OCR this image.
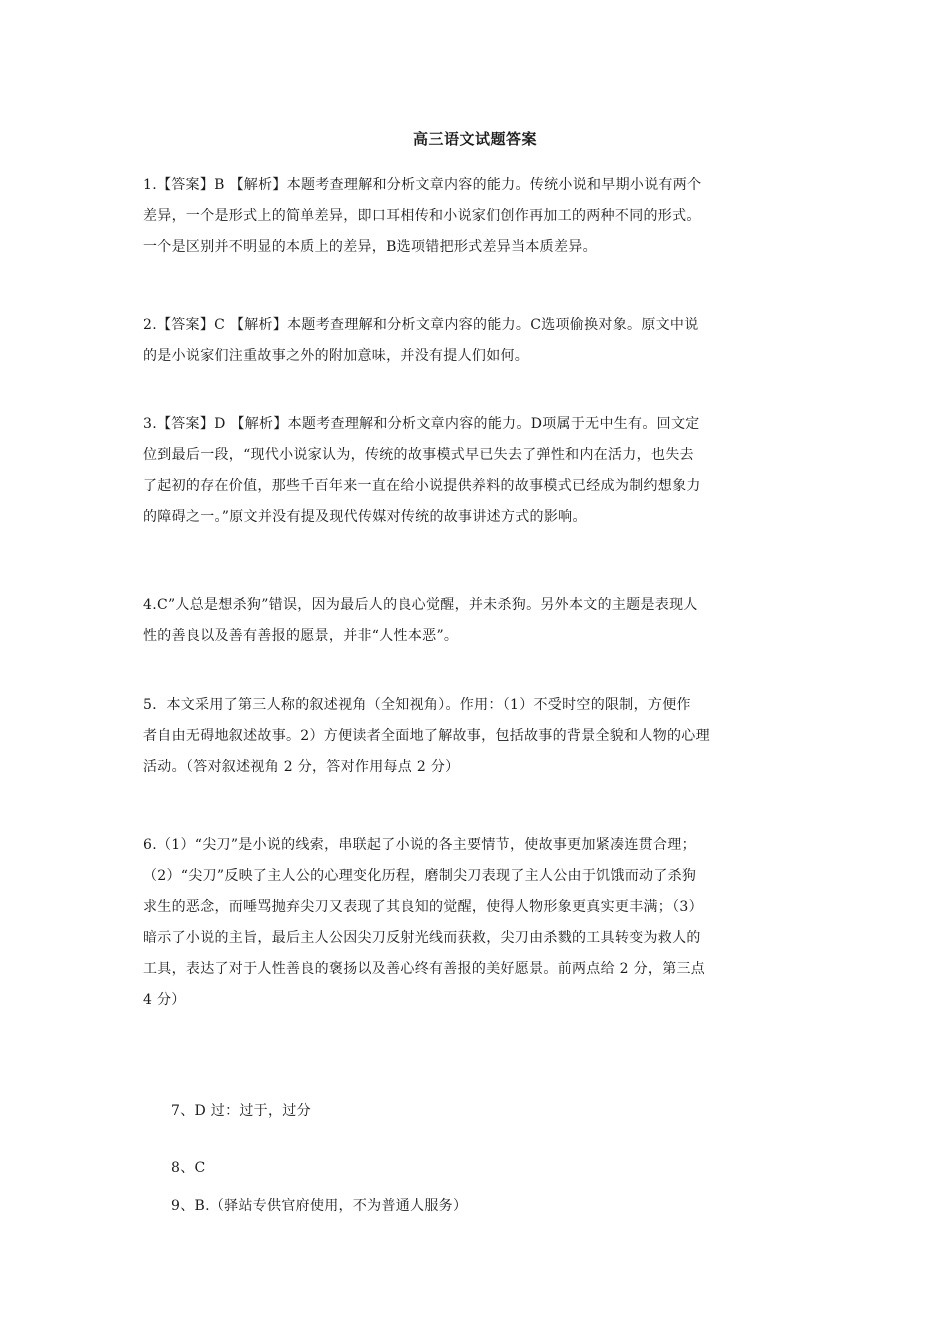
高三语文试题答案
1.【答案】B 【解析】本题考查理解和分析文章内容的能力。传统小说和早期小说有两个
差异，一个是形式上的简单差异，即口耳相传和小说家们创作再加工的两种不同的形式。
一个是区别并不明显的本质上的差异，B选项错把形式差异当本质差异。
2.【答案】C 【解析】本题考查理解和分析文章内容的能力。C选项偷换对象。原文中说
的是小说家们注重故事之外的附加意味，并没有提人们如何。
3.【答案】D 【解析】本题考查理解和分析文章内容的能力。D项属于无中生有。回文定
位到最后一段，“现代小说家认为，传统的故事模式早已失去了弹性和内在活力，也失去
了起初的存在价值，那些千百年来一直在给小说提供养料的故事模式已经成为制约想象力
的障碍之一。”原文并没有提及现代传媒对传统的故事讲述方式的影响。
4.C”人总是想杀狗”错误，因为最后人的良心觉醒，并未杀狗。另外本文的主题是表现人
性的善良以及善有善报的愿景，并非“人性本恶”。
5．本文采用了第三人称的叙述视角（全知视角）。作用：（1）不受时空的限制，方便作
者自由无碍地叙述故事。2）方便读者全面地了解故事，包括故事的背景全貌和人物的心理
活动。（答对叙述视角 2 分，答对作用每点 2 分）
6.（1）“尖刀”是小说的线索，串联起了小说的各主要情节，使故事更加紧凑连贯合理；
（2）“尖刀”反映了主人公的心理变化历程，磨制尖刀表现了主人公由于饥饿而动了杀狗
求生的恶念，而唾骂抛弃尖刀又表现了其良知的觉醒，使得人物形象更真实更丰满；（3）
暗示了小说的主旨，最后主人公因尖刀反射光线而获救，尖刀由杀戮的工具转变为救人的
工具，表达了对于人性善良的褒扬以及善心终有善报的美好愿景。前两点给 2 分，第三点
4 分）
7、D 过：过于，过分
8、C
9、B.（驿站专供官府使用，不为普通人服务）
